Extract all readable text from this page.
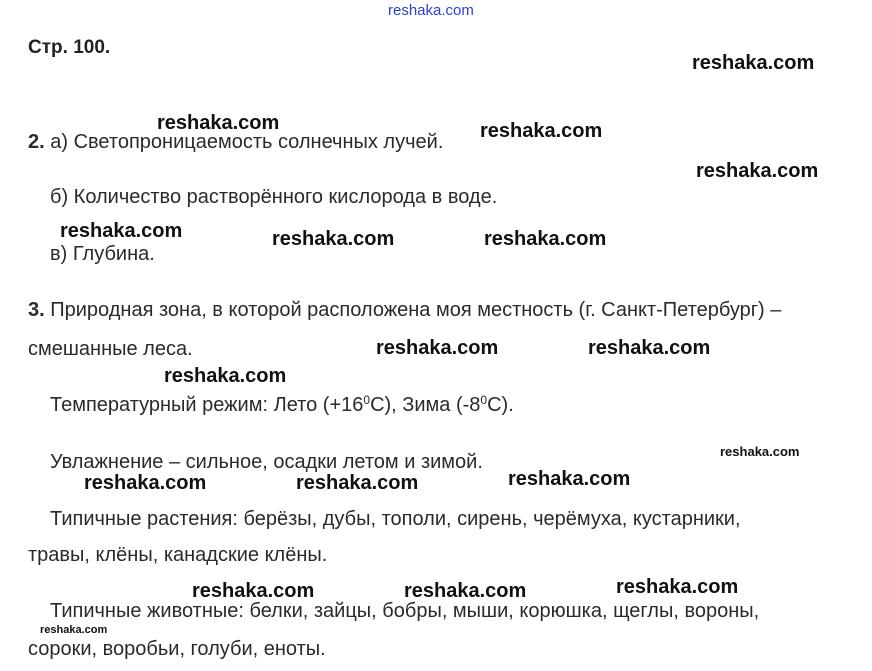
reshaka.com
Стр. 100.
2. а) Светопроницаемость солнечных лучей.
б) Количество растворённого кислорода в воде.
в) Глубина.
3. Природная зона, в которой расположена моя местность (г. Санкт-Петербург) –
смешанные леса.
Температурный режим: Лето $(+16^0С)$, Зима $(-8^0С)$.
Увлажнение – сильное, осадки летом и зимой.
Типичные растения: берёзы, дубы, тополи, сирень, черёмуха, кустарники,
травы, клёны, канадские клёны.
Типичные животные: белки, зайцы, бобры, мыши, корюшка, щеглы, вороны,
сороки, воробьи, голуби, еноты.
reshaka.com
reshaka.com	reshaka.com
reshaka.com
reshaka.com	reshaka.com	reshaka.com
reshaka.com	reshaka.com
reshaka.com
reshaka.com
reshaka.com
reshaka.com	reshaka.com
reshaka.com
reshaka.com	reshaka.com
reshaka.com
